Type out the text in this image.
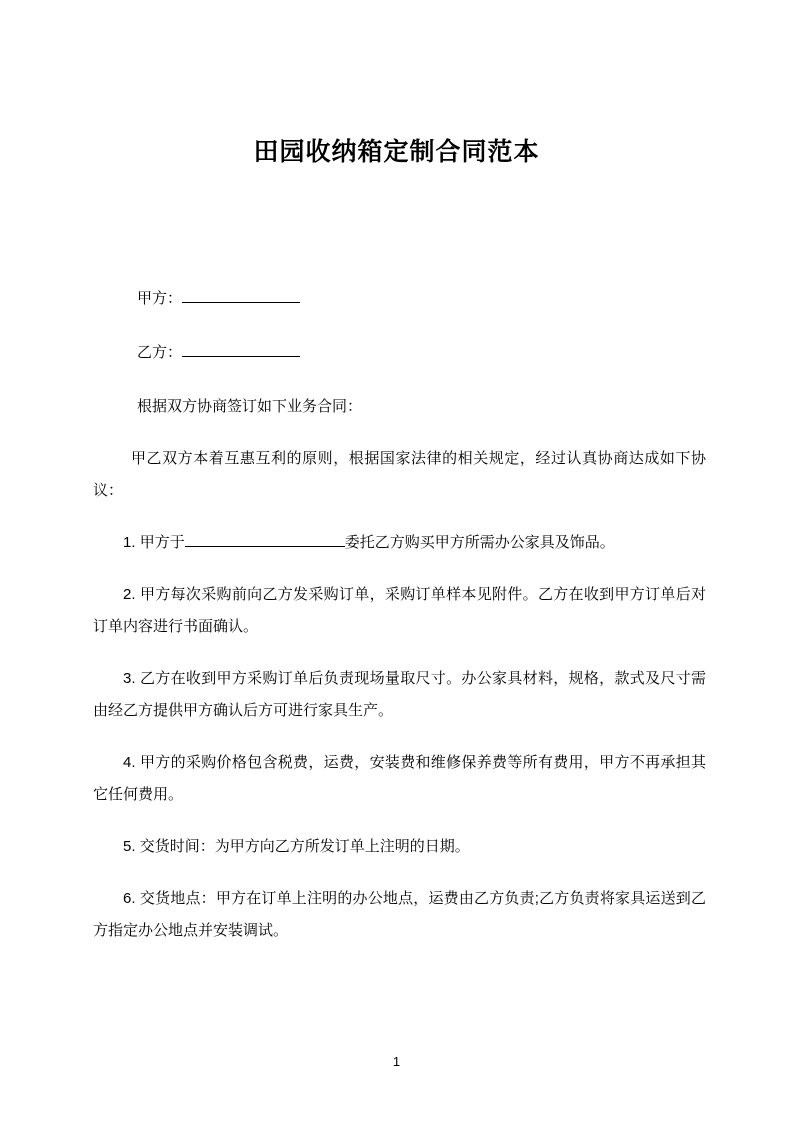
田园收纳箱定制合同范本
甲方：
乙方：

根据双方协商签订如下业务合同：

甲乙双方本着互惠互利的原则，根据国家法律的相关规定，经过认真协商达成如下协议：

1. 甲方于	委托乙方购买甲方所需办公家具及饰品。

2. 甲方每次采购前向乙方发采购订单，采购订单样本见附件。乙方在收到甲方订单后对订单内容进行书面确认。

3. 乙方在收到甲方采购订单后负责现场量取尺寸。办公家具材料，规格，款式及尺寸需由经乙方提供甲方确认后方可进行家具生产。

4. 甲方的采购价格包含税费，运费，安装费和维修保养费等所有费用，甲方不再承担其它任何费用。

5. 交货时间：为甲方向乙方所发订单上注明的日期。

6. 交货地点：甲方在订单上注明的办公地点，运费由乙方负责;乙方负责将家具运送到乙方指定办公地点并安装调试。

1
